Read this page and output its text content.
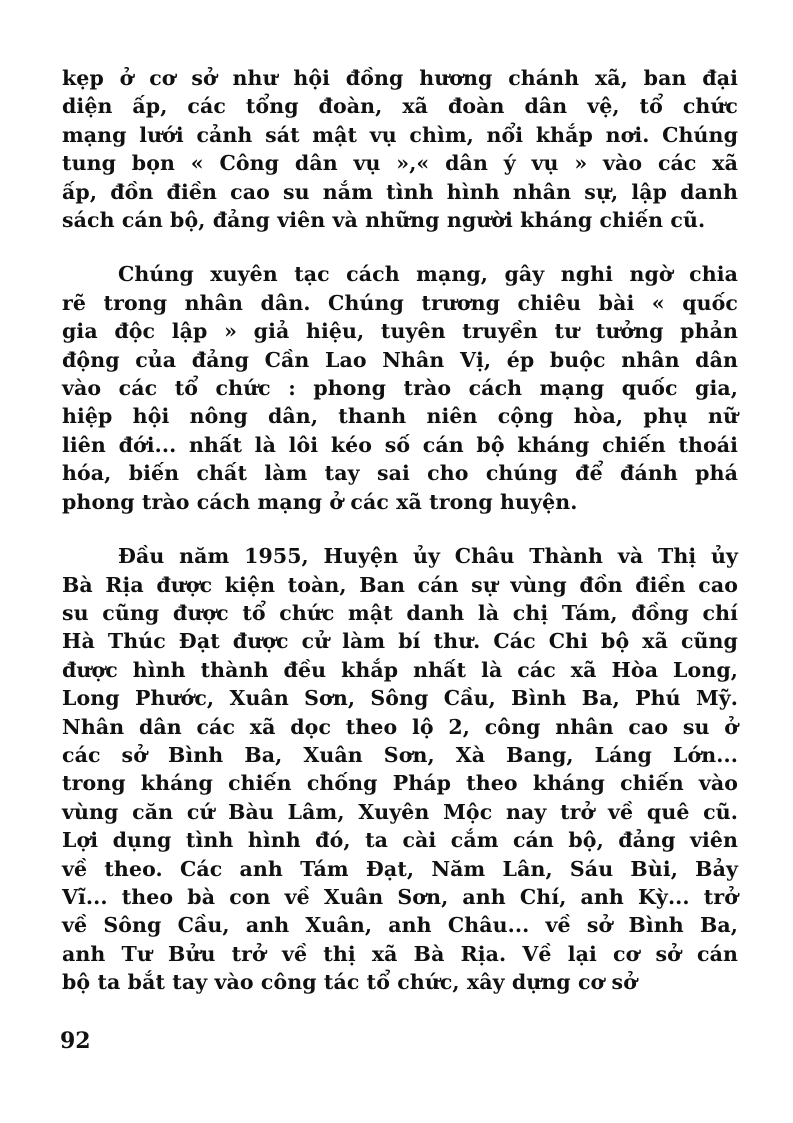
kẹp ở cơ sở như hội đồng hương chánh xã, ban đại
diện ấp, các tổng đoàn, xã đoàn dân vệ, tổ chức
mạng lưới cảnh sát mật vụ chìm, nổi khắp nơi. Chúng
tung bọn « Công dân vụ »,« dân ý vụ » vào các xã
ấp, đồn điền cao su nắm tình hình nhân sự, lập danh
sách cán bộ, đảng viên và những người kháng chiến cũ.

Chúng xuyên tạc cách mạng, gây nghi ngờ chia
rẽ trong nhân dân. Chúng trương chiêu bài « quốc
gia độc lập » giả hiệu, tuyên truyền tư tưởng phản
động của đảng Cần Lao Nhân Vị, ép buộc nhân dân
vào các tổ chức : phong trào cách mạng quốc gia,
hiệp hội nông dân, thanh niên cộng hòa, phụ nữ
liên đới... nhất là lôi kéo số cán bộ kháng chiến thoái
hóa, biến chất làm tay sai cho chúng để đánh phá
phong trào cách mạng ở các xã trong huyện.

Đầu năm 1955, Huyện ủy Châu Thành và Thị ủy
Bà Rịa được kiện toàn, Ban cán sự vùng đồn điền cao
su cũng được tổ chức mật danh là chị Tám, đồng chí
Hà Thúc Đạt được cử làm bí thư. Các Chi bộ xã cũng
được hình thành đều khắp nhất là các xã Hòa Long,
Long Phước, Xuân Sơn, Sông Cầu, Bình Ba, Phú Mỹ.
Nhân dân các xã dọc theo lộ 2, công nhân cao su ở
các sở Bình Ba, Xuân Sơn, Xà Bang, Láng Lớn...
trong kháng chiến chống Pháp theo kháng chiến vào
vùng căn cứ Bàu Lâm, Xuyên Mộc nay trở về quê cũ.
Lợi dụng tình hình đó, ta cài cắm cán bộ, đảng viên
về theo. Các anh Tám Đạt, Năm Lân, Sáu Bùi, Bảy
Vĩ... theo bà con về Xuân Sơn, anh Chí, anh Kỳ... trở
về Sông Cầu, anh Xuân, anh Châu... về sở Bình Ba,
anh Tư Bửu trở về thị xã Bà Rịa. Về lại cơ sở cán
bộ ta bắt tay vào công tác tổ chức, xây dựng cơ sở

92
